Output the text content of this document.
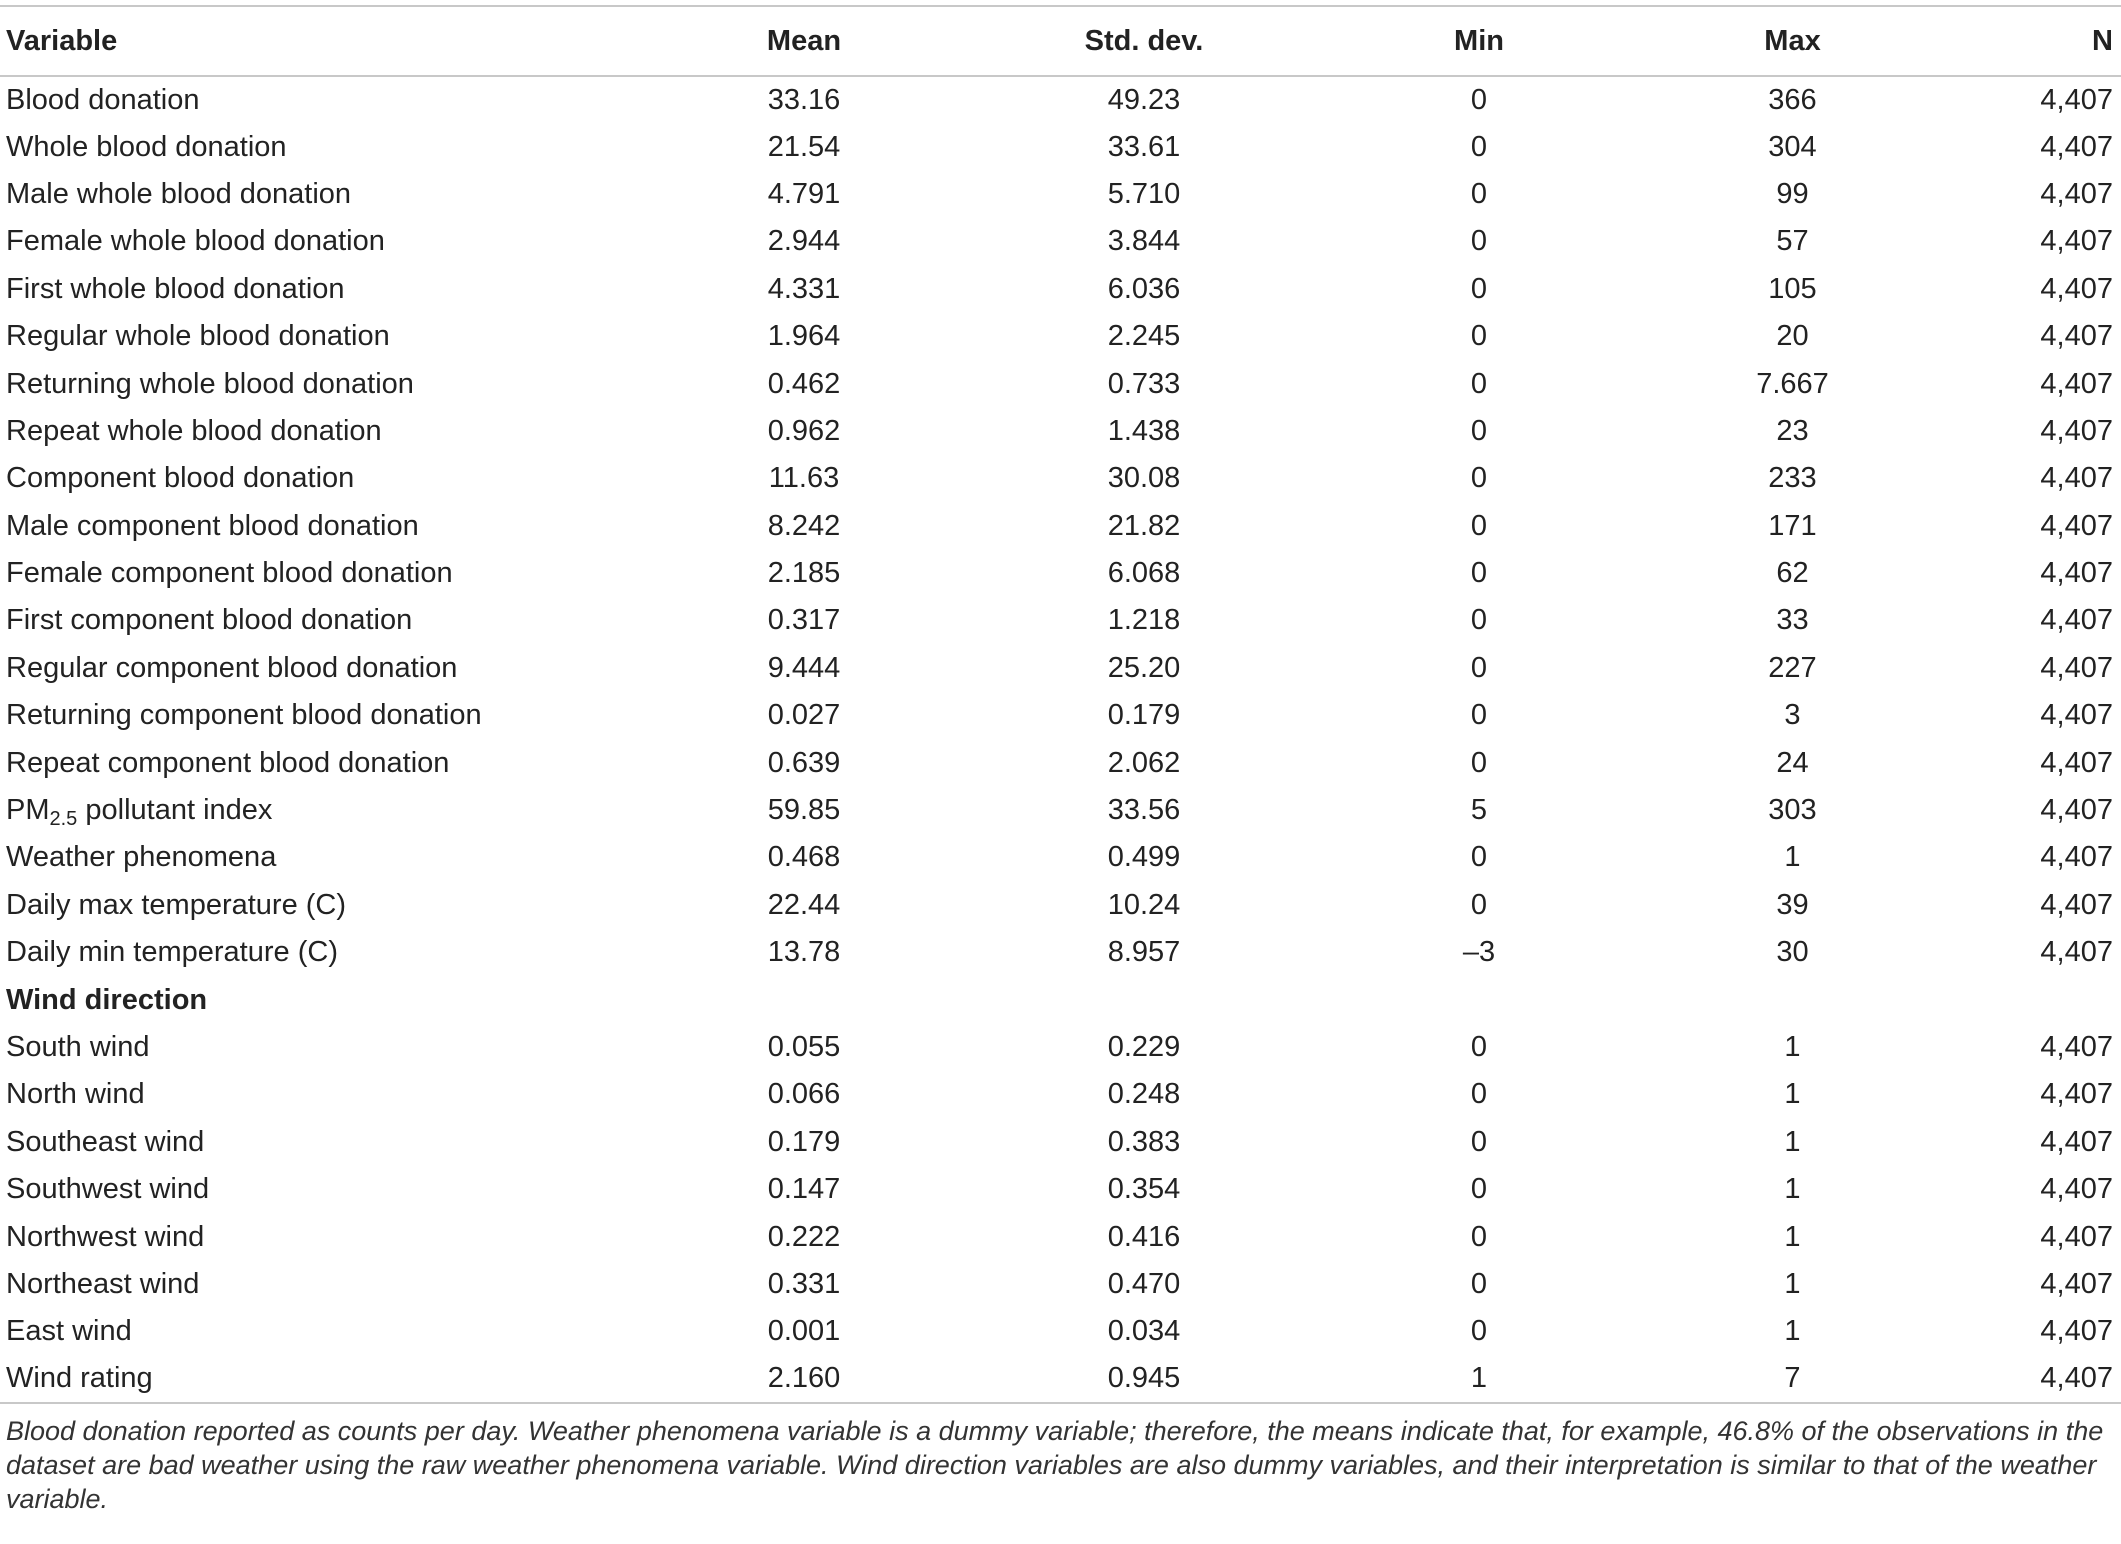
Variable	Mean	Std. dev.	Min	Max	N
Blood donation	33.16	49.23	0	366	4,407
Whole blood donation	21.54	33.61	0	304	4,407
Male whole blood donation	4.791	5.710	0	99	4,407
Female whole blood donation	2.944	3.844	0	57	4,407
First whole blood donation	4.331	6.036	0	105	4,407
Regular whole blood donation	1.964	2.245	0	20	4,407
Returning whole blood donation	0.462	0.733	0	7.667	4,407
Repeat whole blood donation	0.962	1.438	0	23	4,407
Component blood donation	11.63	30.08	0	233	4,407
Male component blood donation	8.242	21.82	0	171	4,407
Female component blood donation	2.185	6.068	0	62	4,407
First component blood donation	0.317	1.218	0	33	4,407
Regular component blood donation	9.444	25.20	0	227	4,407
Returning component blood donation	0.027	0.179	0	3	4,407
Repeat component blood donation	0.639	2.062	0	24	4,407
$PM_{2.5}$ pollutant index	59.85	33.56	5	303	4,407
Weather phenomena	0.468	0.499	0	1	4,407
Daily max temperature (C)	22.44	10.24	0	39	4,407
Daily min temperature (C)	13.78	8.957	–3	30	4,407
Wind direction					
South wind	0.055	0.229	0	1	4,407
North wind	0.066	0.248	0	1	4,407
Southeast wind	0.179	0.383	0	1	4,407
Southwest wind	0.147	0.354	0	1	4,407
Northwest wind	0.222	0.416	0	1	4,407
Northeast wind	0.331	0.470	0	1	4,407
East wind	0.001	0.034	0	1	4,407
Wind rating	2.160	0.945	1	7	4,407
Blood donation reported as counts per day. Weather phenomena variable is a dummy variable; therefore, the means indicate that, for example, 46.8% of the observations in the dataset are bad weather using the raw weather phenomena variable. Wind direction variables are also dummy variables, and their interpretation is similar to that of the weather variable.
